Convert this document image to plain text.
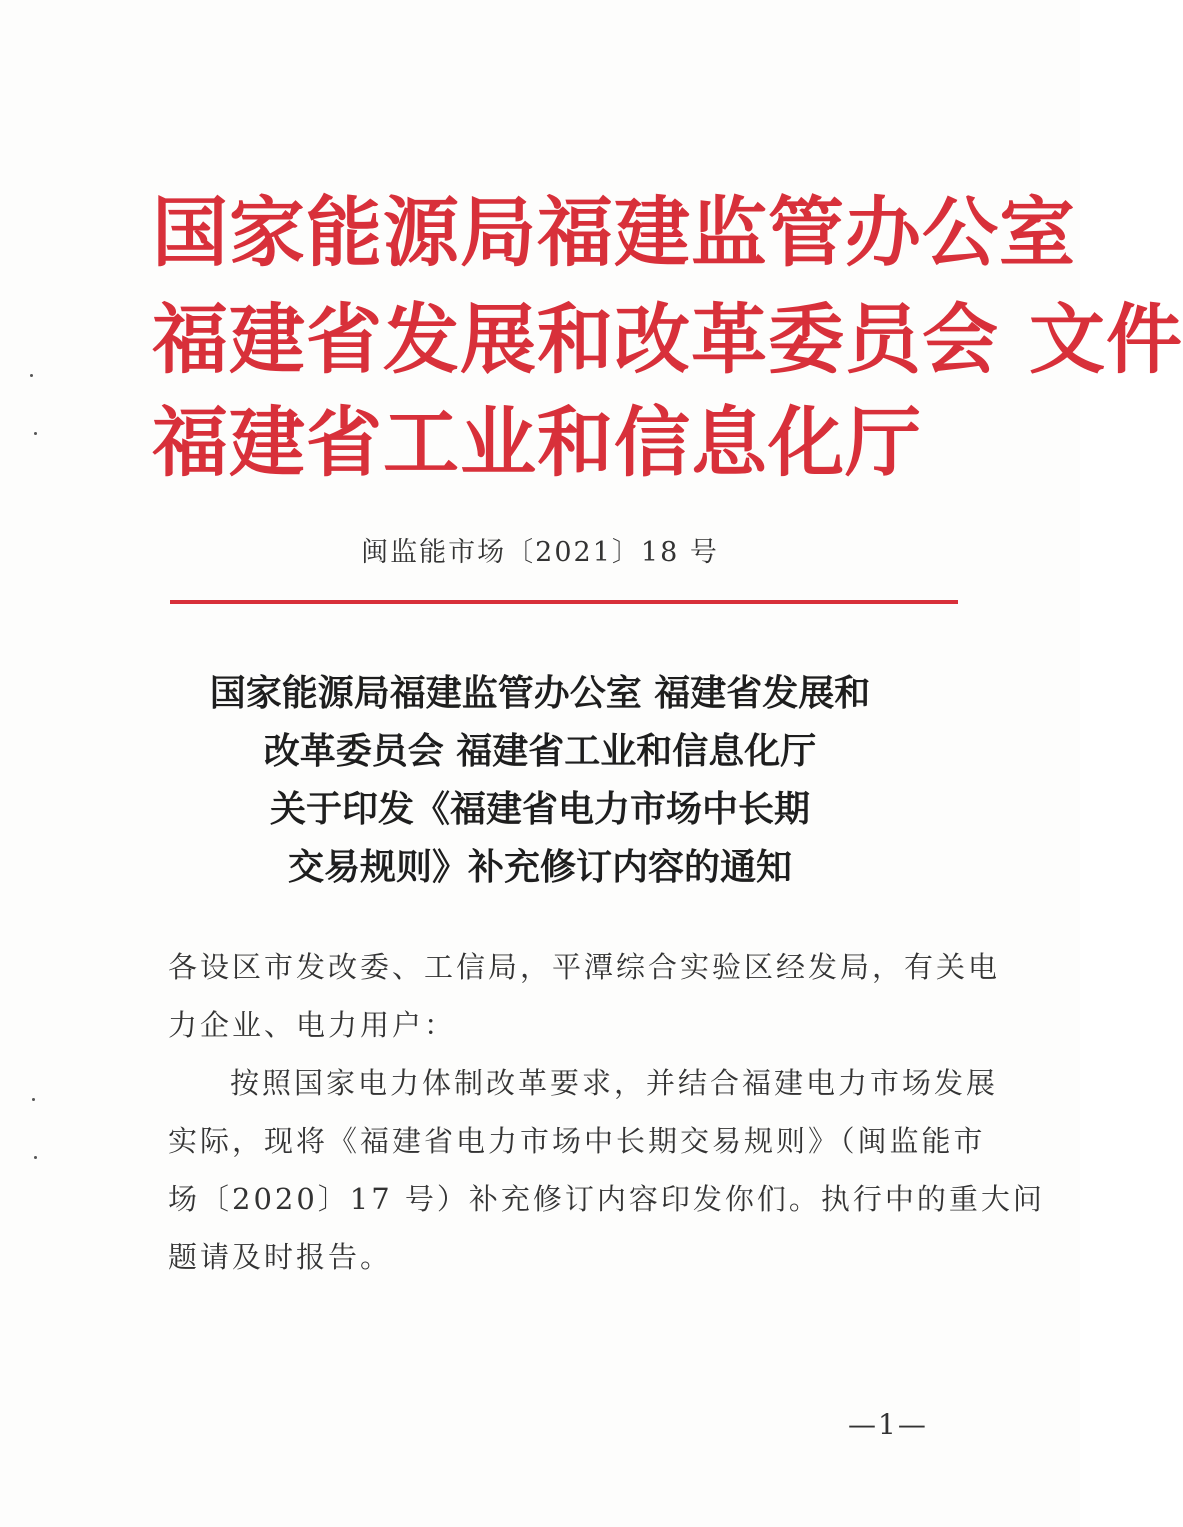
国家能源局福建监管办公室
福建省发展和改革委员会 文件
福建省工业和信息化厅
闽监能市场〔2021〕18 号
国家能源局福建监管办公室 福建省发展和
改革委员会 福建省工业和信息化厅
关于印发《福建省电力市场中长期
交易规则》补充修订内容的通知
各设区市发改委、工信局，平潭综合实验区经发局，有关电
力企业、电力用户：
按照国家电力体制改革要求，并结合福建电力市场发展
实际，现将《福建省电力市场中长期交易规则》（闽监能市
场〔2020〕17 号）补充修订内容印发你们。执行中的重大问
题请及时报告。
—1—
